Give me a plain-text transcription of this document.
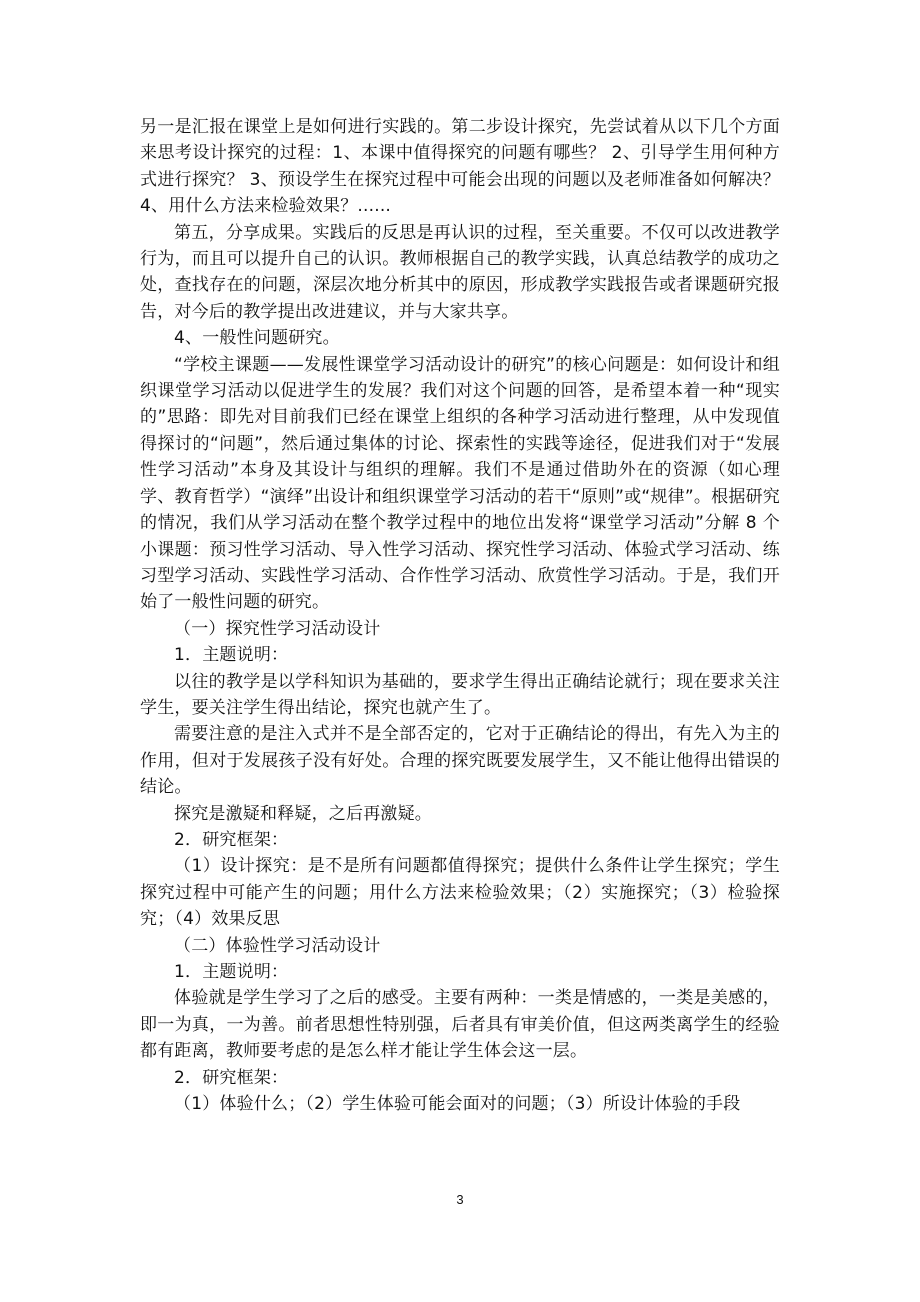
另一是汇报在课堂上是如何进行实践的。第二步设计探究，先尝试着从以下几个方面来思考设计探究的过程：1、本课中值得探究的问题有哪些？ 2、引导学生用何种方式进行探究？ 3、预设学生在探究过程中可能会出现的问题以及老师准备如何解决？4、用什么方法来检验效果？......

第五，分享成果。实践后的反思是再认识的过程，至关重要。不仅可以改进教学行为，而且可以提升自己的认识。教师根据自己的教学实践，认真总结教学的成功之处，查找存在的问题，深层次地分析其中的原因，形成教学实践报告或者课题研究报告，对今后的教学提出改进建议，并与大家共享。

4、一般性问题研究。

“学校主课题——发展性课堂学习活动设计的研究”的核心问题是：如何设计和组织课堂学习活动以促进学生的发展？我们对这个问题的回答，是希望本着一种“现实的”思路：即先对目前我们已经在课堂上组织的各种学习活动进行整理，从中发现值得探讨的“问题”，然后通过集体的讨论、探索性的实践等途径，促进我们对于“发展性学习活动”本身及其设计与组织的理解。我们不是通过借助外在的资源（如心理学、教育哲学）“演绎”出设计和组织课堂学习活动的若干“原则”或“规律”。根据研究的情况，我们从学习活动在整个教学过程中的地位出发将“课堂学习活动”分解 8 个小课题：预习性学习活动、导入性学习活动、探究性学习活动、体验式学习活动、练习型学习活动、实践性学习活动、合作性学习活动、欣赏性学习活动。于是，我们开始了一般性问题的研究。

（一）探究性学习活动设计

1．主题说明：

以往的教学是以学科知识为基础的，要求学生得出正确结论就行；现在要求关注学生，要关注学生得出结论，探究也就产生了。

需要注意的是注入式并不是全部否定的，它对于正确结论的得出，有先入为主的作用，但对于发展孩子没有好处。合理的探究既要发展学生，又不能让他得出错误的结论。

探究是激疑和释疑，之后再激疑。

2．研究框架：

（1）设计探究：是不是所有问题都值得探究；提供什么条件让学生探究；学生探究过程中可能产生的问题；用什么方法来检验效果；（2）实施探究；（3）检验探究；（4）效果反思

（二）体验性学习活动设计

1．主题说明：

体验就是学生学习了之后的感受。主要有两种：一类是情感的，一类是美感的，即一为真，一为善。前者思想性特别强，后者具有审美价值，但这两类离学生的经验都有距离，教师要考虑的是怎么样才能让学生体会这一层。

2．研究框架：

（1）体验什么；（2）学生体验可能会面对的问题；（3）所设计体验的手段

3
